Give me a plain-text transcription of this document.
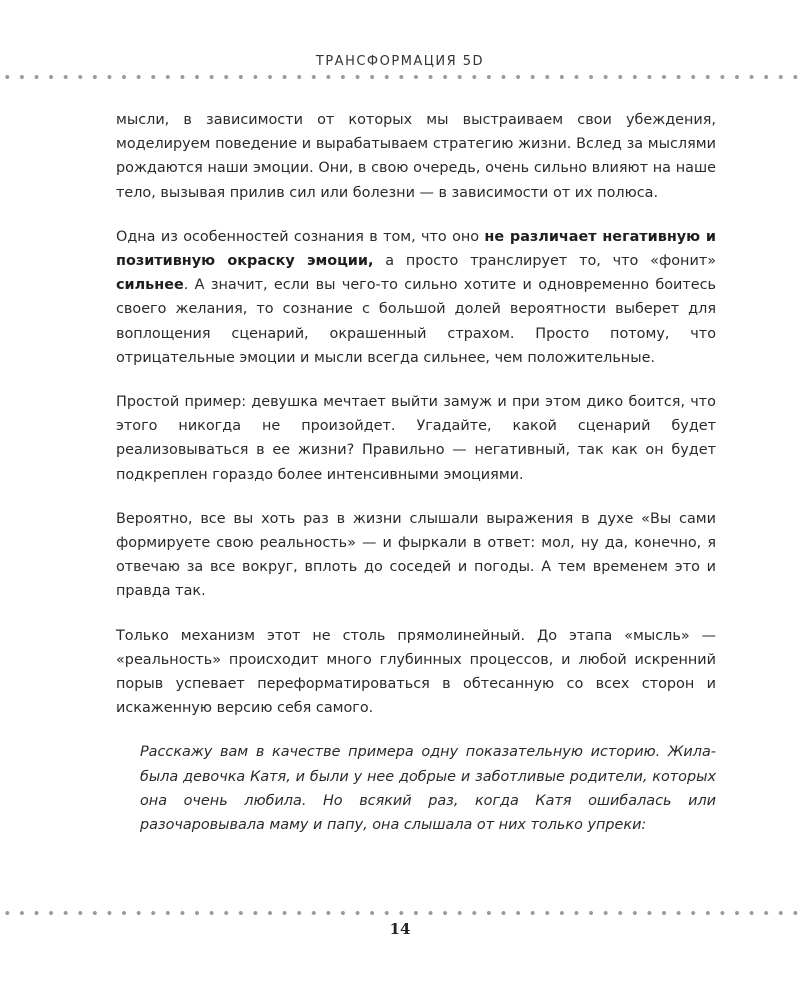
ТРАНСФОРМАЦИЯ 5D

мысли, в зависимости от которых мы выстраиваем свои убеждения, моделируем поведение и вырабатываем стратегию жизни. Вслед за мыслями рождаются наши эмоции. Они, в свою очередь, очень сильно влияют на наше тело, вызывая прилив сил или болезни — в зависимости от их полюса.

Одна из особенностей сознания в том, что оно не различает негативную и позитивную окраску эмоции, а просто транслирует то, что «фонит» сильнее. А значит, если вы чего-то сильно хотите и одновременно боитесь своего желания, то сознание с большой долей вероятности выберет для воплощения сценарий, окрашенный страхом. Просто потому, что отрицательные эмоции и мысли всегда сильнее, чем положительные.

Простой пример: девушка мечтает выйти замуж и при этом дико боится, что этого никогда не произойдет. Угадайте, какой сценарий будет реализовываться в ее жизни? Правильно — негативный, так как он будет подкреплен гораздо более интенсивными эмоциями.

Вероятно, все вы хоть раз в жизни слышали выражения в духе «Вы сами формируете свою реальность» — и фыркали в ответ: мол, ну да, конечно, я отвечаю за все вокруг, вплоть до соседей и погоды. А тем временем это и правда так.

Только механизм этот не столь прямолинейный. До этапа «мысль» — «реальность» происходит много глубинных процессов, и любой искренний порыв успевает переформатироваться в обтесанную со всех сторон и искаженную версию себя самого.

Расскажу вам в качестве примера одну показательную историю. Жила-была девочка Катя, и были у нее добрые и заботливые родители, которых она очень любила. Но всякий раз, когда Катя ошибалась или разочаровывала маму и папу, она слышала от них только упреки:

14
